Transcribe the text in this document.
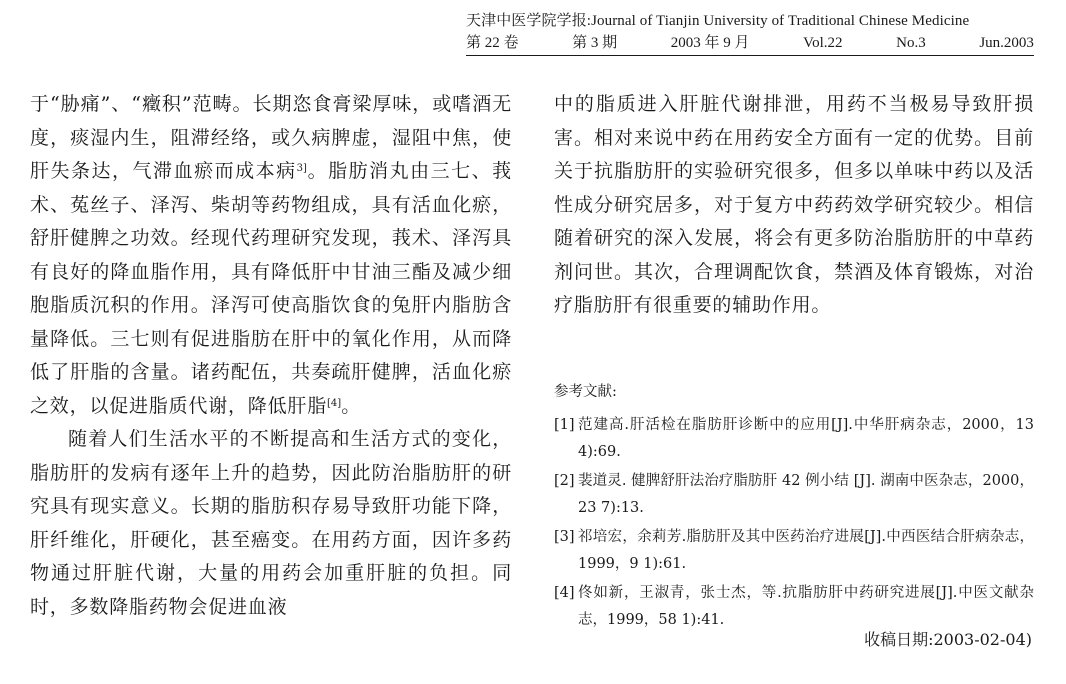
天津中医学院学报:Journal of Tianjin University of Traditional Chinese Medicine
第 22 卷	第 3 期	2003 年 9 月	Vol.22	No.3	Jun.2003

于“胁痛”、“癥积”范畴。长期恣食膏梁厚味，或嗜酒无度，痰湿内生，阻滞经络，或久病脾虚，湿阻中焦，使肝失条达，气滞血瘀而成本病$^{3]}$。脂肪消丸由三七、莪术、菟丝子、泽泻、柴胡等药物组成，具有活血化瘀，舒肝健脾之功效。经现代药理研究发现，莪术、泽泻具有良好的降血脂作用，具有降低肝中甘油三酯及减少细胞脂质沉积的作用。泽泻可使高脂饮食的兔肝内脂肪含量降低。三七则有促进脂肪在肝中的氧化作用，从而降低了肝脂的含量。诸药配伍，共奏疏肝健脾，活血化瘀之效，以促进脂质代谢，降低肝脂[4]。

随着人们生活水平的不断提高和生活方式的变化，脂肪肝的发病有逐年上升的趋势，因此防治脂肪肝的研究具有现实意义。长期的脂肪积存易导致肝功能下降，肝纤维化，肝硬化，甚至癌变。在用药方面，因许多药物通过肝脏代谢，大量的用药会加重肝脏的负担。同时，多数降脂药物会促进血液

中的脂质进入肝脏代谢排泄，用药不当极易导致肝损害。相对来说中药在用药安全方面有一定的优势。目前关于抗脂肪肝的实验研究很多，但多以单味中药以及活性成分研究居多，对于复方中药药效学研究较少。相信随着研究的深入发展，将会有更多防治脂肪肝的中草药剂问世。其次，合理调配饮食，禁酒及体育锻炼，对治疗脂肪肝有很重要的辅助作用。

参考文献:
[1] 范建高.肝活检在脂肪肝诊断中的应用[J].中华肝病杂志，2000，13 4):69.
[2] 裴道灵. 健脾舒肝法治疗脂肪肝 42 例小结 [J]. 湖南中医杂志，2000，23 7):13.
[3] 祁培宏，余莉芳.脂肪肝及其中医药治疗进展[J].中西医结合肝病杂志，1999，9 1):61.
[4] 佟如新，王淑青，张士杰，等.抗脂肪肝中药研究进展[J].中医文献杂志，1999，58 1):41.
收稿日期:2003-02-04)
